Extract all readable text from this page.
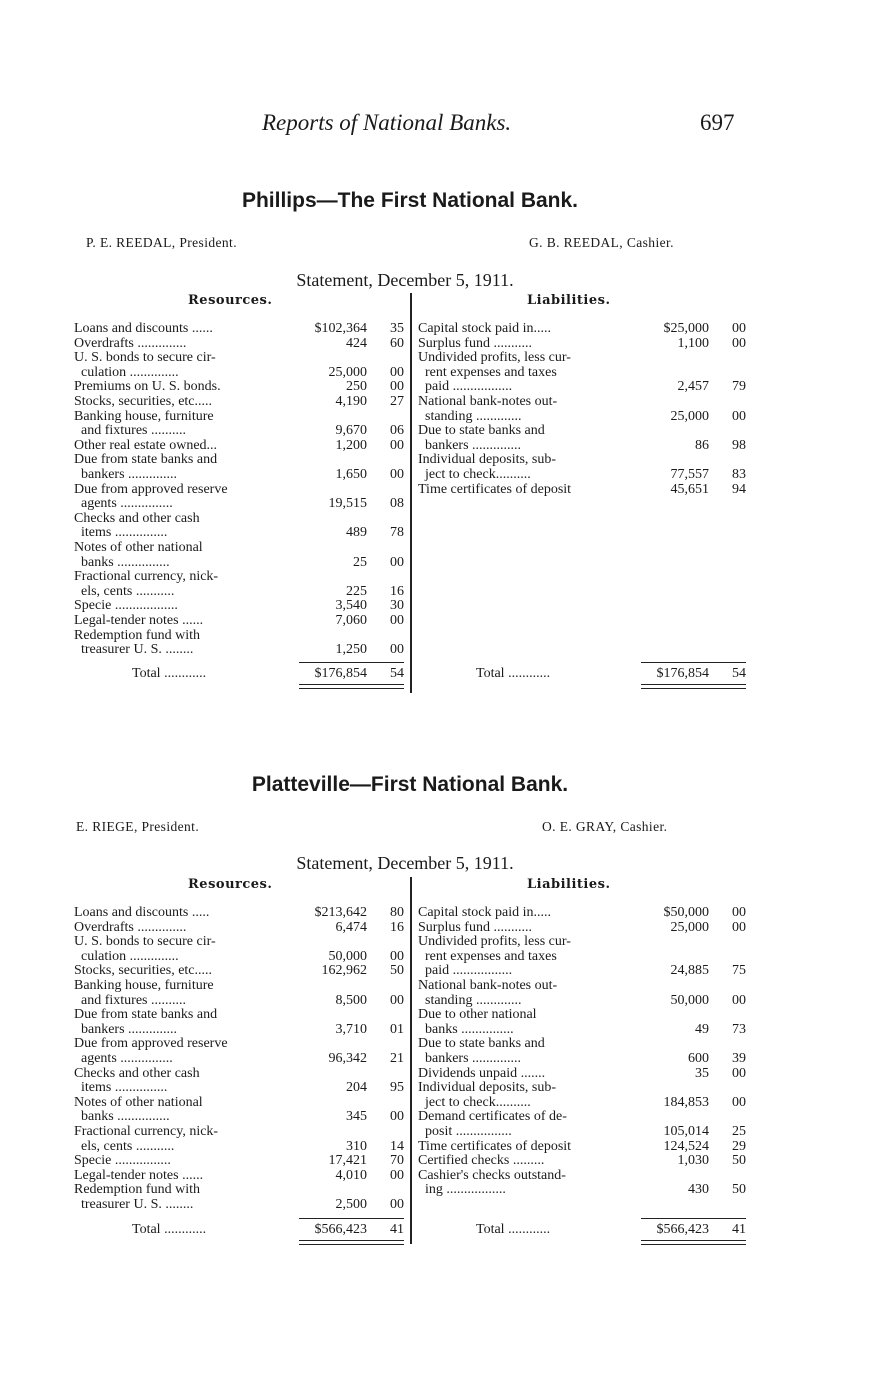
Reports of National Banks.	697
Phillips—The First National Bank.
P. E. REEDAL, President.	G. B. REEDAL, Cashier.
Statement, December 5, 1911.
Resources.	Liabilities.
Loans and discounts ......	$102,364	35
Overdrafts ..............	424	60
U. S. bonds to secure cir-
culation ..............	25,000	00
Premiums on U. S. bonds.	250	00
Stocks, securities, etc.....	4,190	27
Banking house, furniture
and fixtures ..........	9,670	06
Other real estate owned...	1,200	00
Due from state banks and
bankers ..............	1,650	00
Due from approved reserve
agents ...............	19,515	08
Checks and other cash
items ...............	489	78
Notes of other national
banks ...............	25	00
Fractional currency, nick-
els, cents ...........	225	16
Specie ..................	3,540	30
Legal-tender notes ......	7,060	00
Redemption fund with
treasurer U. S. ........	1,250	00
Total ............	$176,854	54
Capital stock paid in.....	$25,000	00
Surplus fund ...........	1,100	00
Undivided profits, less cur-
rent expenses and taxes
paid .................	2,457	79
National bank-notes out-
standing .............	25,000	00
Due to state banks and
bankers ..............	86	98
Individual deposits, sub-
ject to check..........	77,557	83
Time certificates of deposit	45,651	94
Total ............	$176,854	54
Platteville—First National Bank.
E. RIEGE, President.	O. E. GRAY, Cashier.
Statement, December 5, 1911.
Resources.	Liabilities.
Loans and discounts .....	$213,642	80
Overdrafts ..............	6,474	16
U. S. bonds to secure cir-
culation ..............	50,000	00
Stocks, securities, etc.....	162,962	50
Banking house, furniture
and fixtures ..........	8,500	00
Due from state banks and
bankers ..............	3,710	01
Due from approved reserve
agents ...............	96,342	21
Checks and other cash
items ...............	204	95
Notes of other national
banks ...............	345	00
Fractional currency, nick-
els, cents ...........	310	14
Specie ................	17,421	70
Legal-tender notes ......	4,010	00
Redemption fund with
treasurer U. S. ........	2,500	00
Total ............	$566,423	41
Capital stock paid in.....	$50,000	00
Surplus fund ...........	25,000	00
Undivided profits, less cur-
rent expenses and taxes
paid .................	24,885	75
National bank-notes out-
standing .............	50,000	00
Due to other national
banks ...............	49	73
Due to state banks and
bankers ..............	600	39
Dividends unpaid .......	35	00
Individual deposits, sub-
ject to check..........	184,853	00
Demand certificates of de-
posit ................	105,014	25
Time certificates of deposit	124,524	29
Certified checks .........	1,030	50
Cashier's checks outstand-
ing .................	430	50
Total ............	$566,423	41
